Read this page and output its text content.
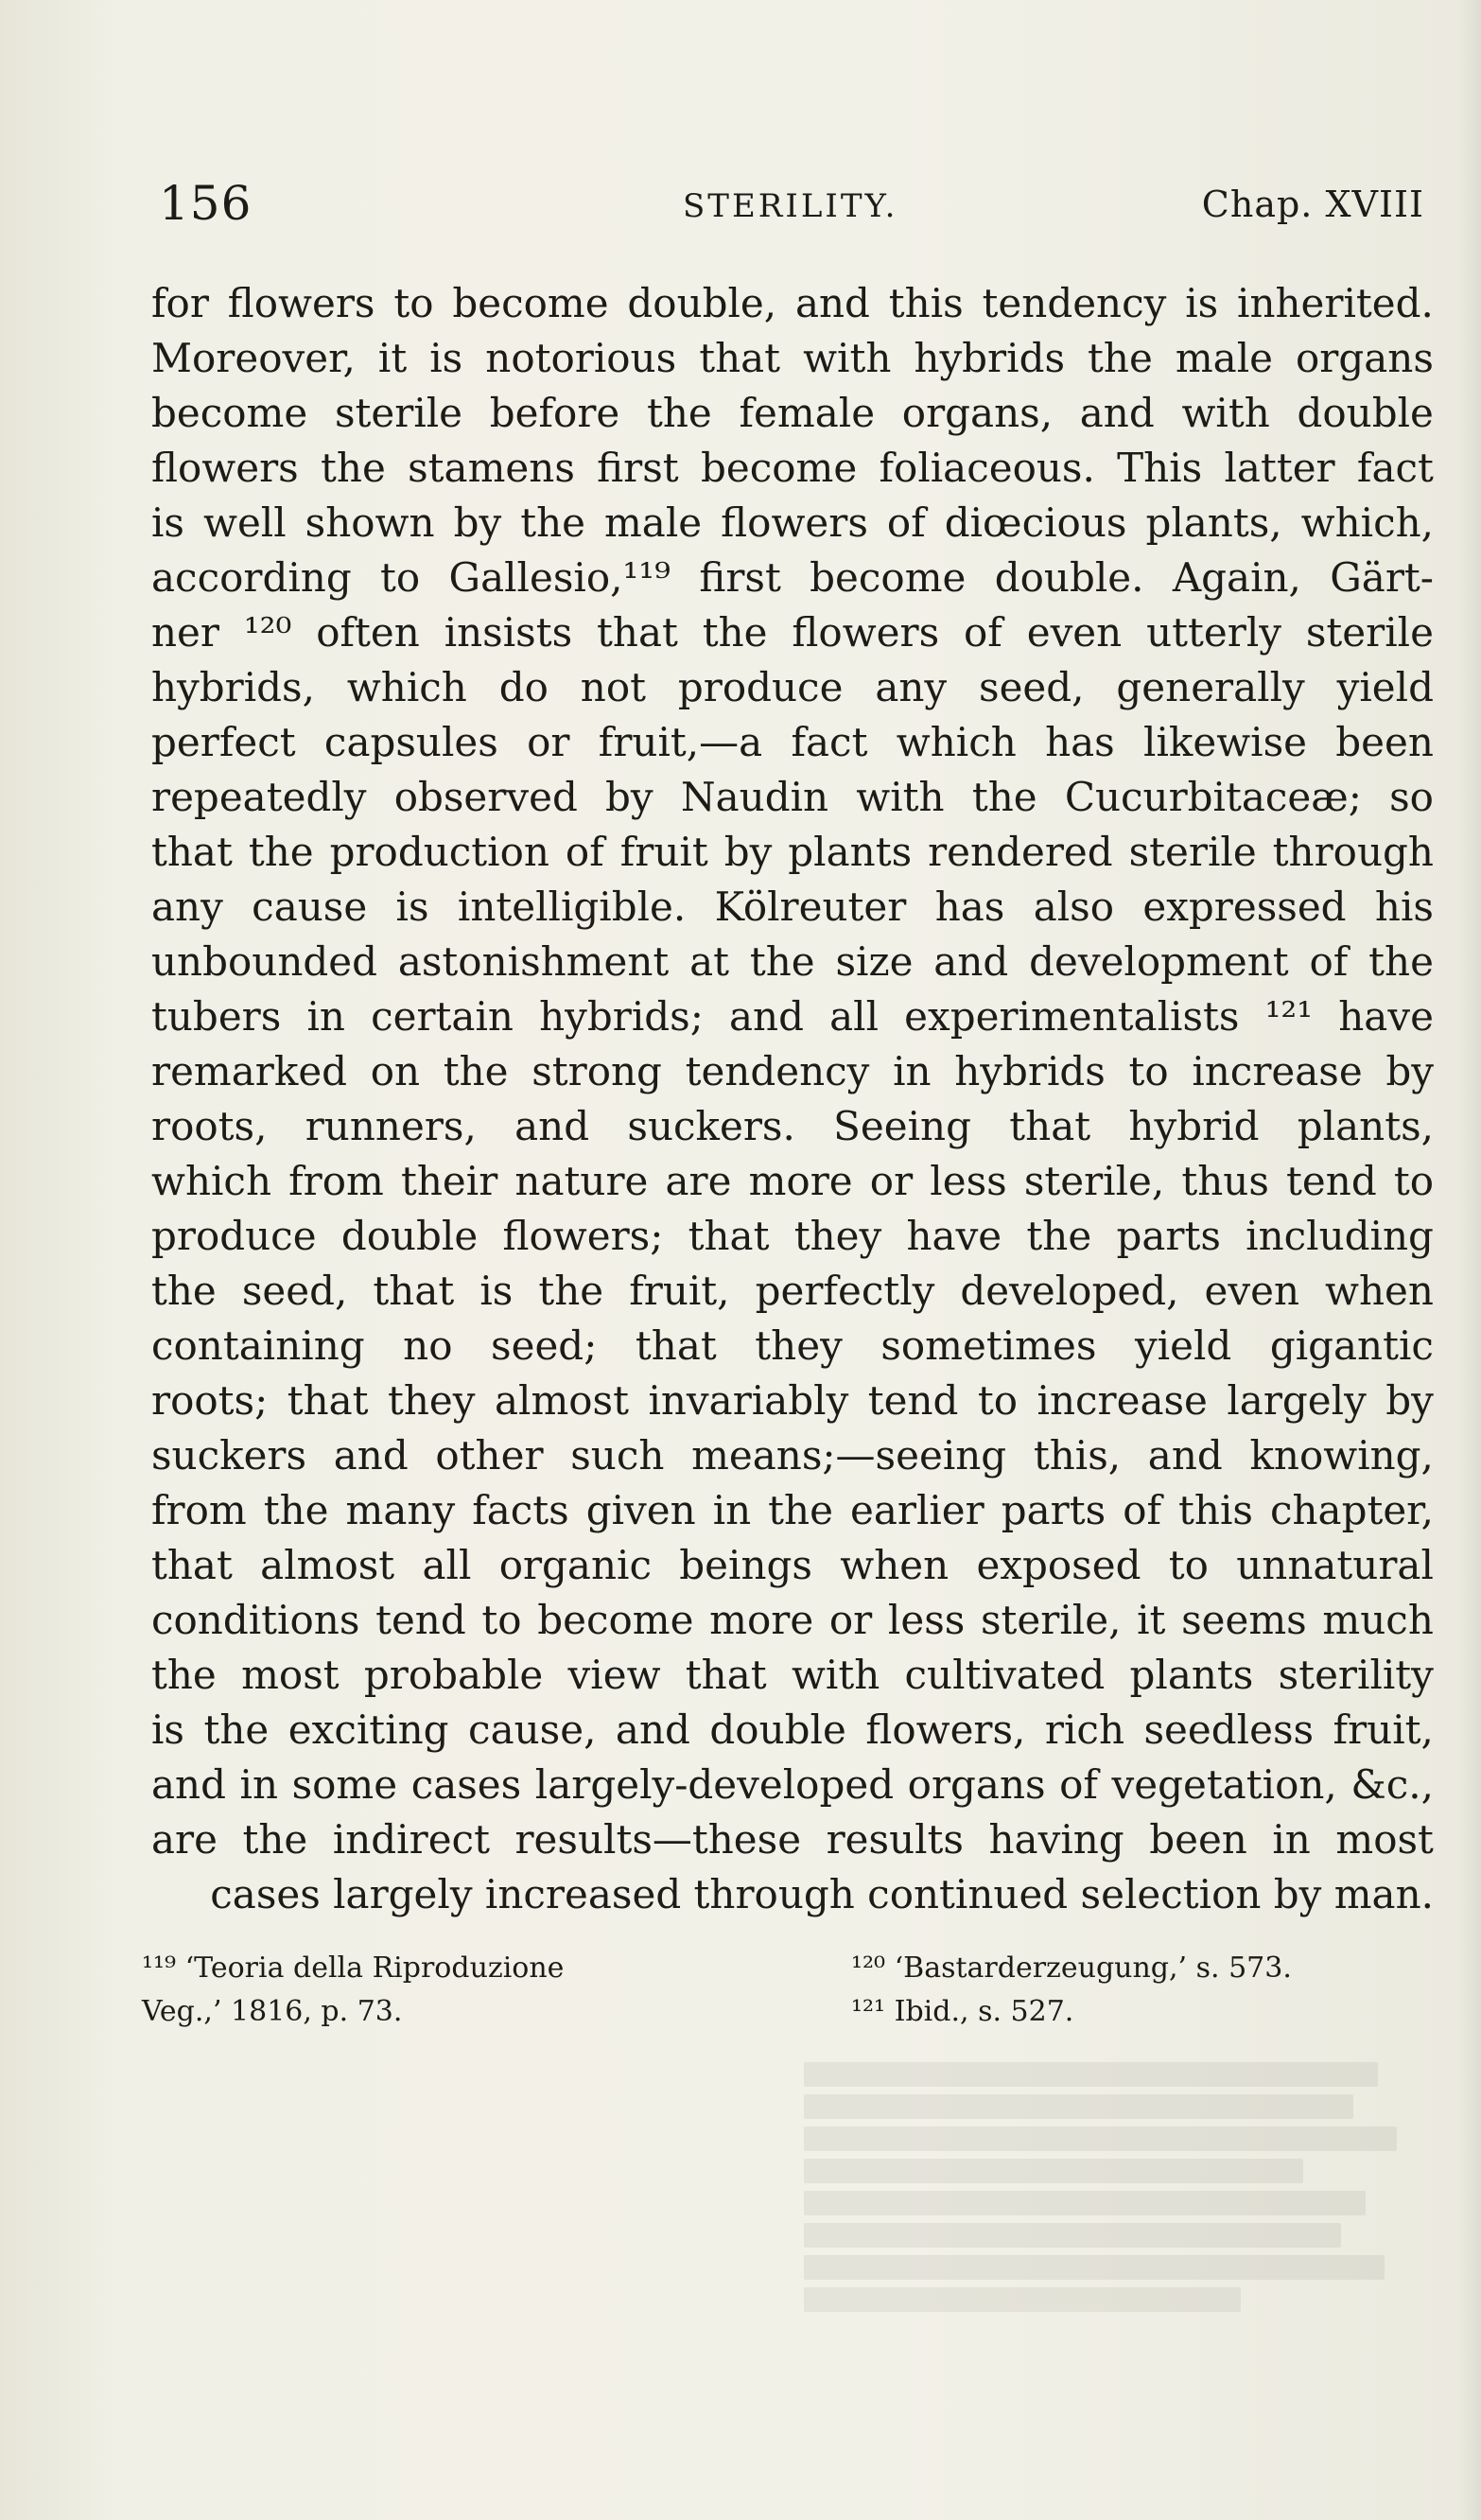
156	STERILITY.	Chap. XVIII
for flowers to become double, and this tendency is inherited.
Moreover, it is notorious that with hybrids the male organs
become sterile before the female organs, and with double
flowers the stamens first become foliaceous. This latter fact
is well shown by the male flowers of diœcious plants, which,
according to Gallesio,¹¹⁹ first become double. Again, Gärt-
ner ¹²⁰ often insists that the flowers of even utterly sterile
hybrids, which do not produce any seed, generally yield
perfect capsules or fruit,—a fact which has likewise been
repeatedly observed by Naudin with the Cucurbitaceæ; so
that the production of fruit by plants rendered sterile through
any cause is intelligible. Kölreuter has also expressed his
unbounded astonishment at the size and development of the
tubers in certain hybrids; and all experimentalists ¹²¹ have
remarked on the strong tendency in hybrids to increase by
roots, runners, and suckers. Seeing that hybrid plants,
which from their nature are more or less sterile, thus tend to
produce double flowers; that they have the parts including
the seed, that is the fruit, perfectly developed, even when
containing no seed; that they sometimes yield gigantic
roots; that they almost invariably tend to increase largely by
suckers and other such means;—seeing this, and knowing,
from the many facts given in the earlier parts of this chapter,
that almost all organic beings when exposed to unnatural
conditions tend to become more or less sterile, it seems much
the most probable view that with cultivated plants sterility
is the exciting cause, and double flowers, rich seedless fruit,
and in some cases largely-developed organs of vegetation, &c.,
are the indirect results—these results having been in most
cases largely increased through continued selection by man.
¹¹⁹ ‘Teoria della Riproduzione
Veg.,’ 1816, p. 73.
¹²⁰ ‘Bastarderzeugung,’ s. 573.
¹²¹ Ibid., s. 527.
